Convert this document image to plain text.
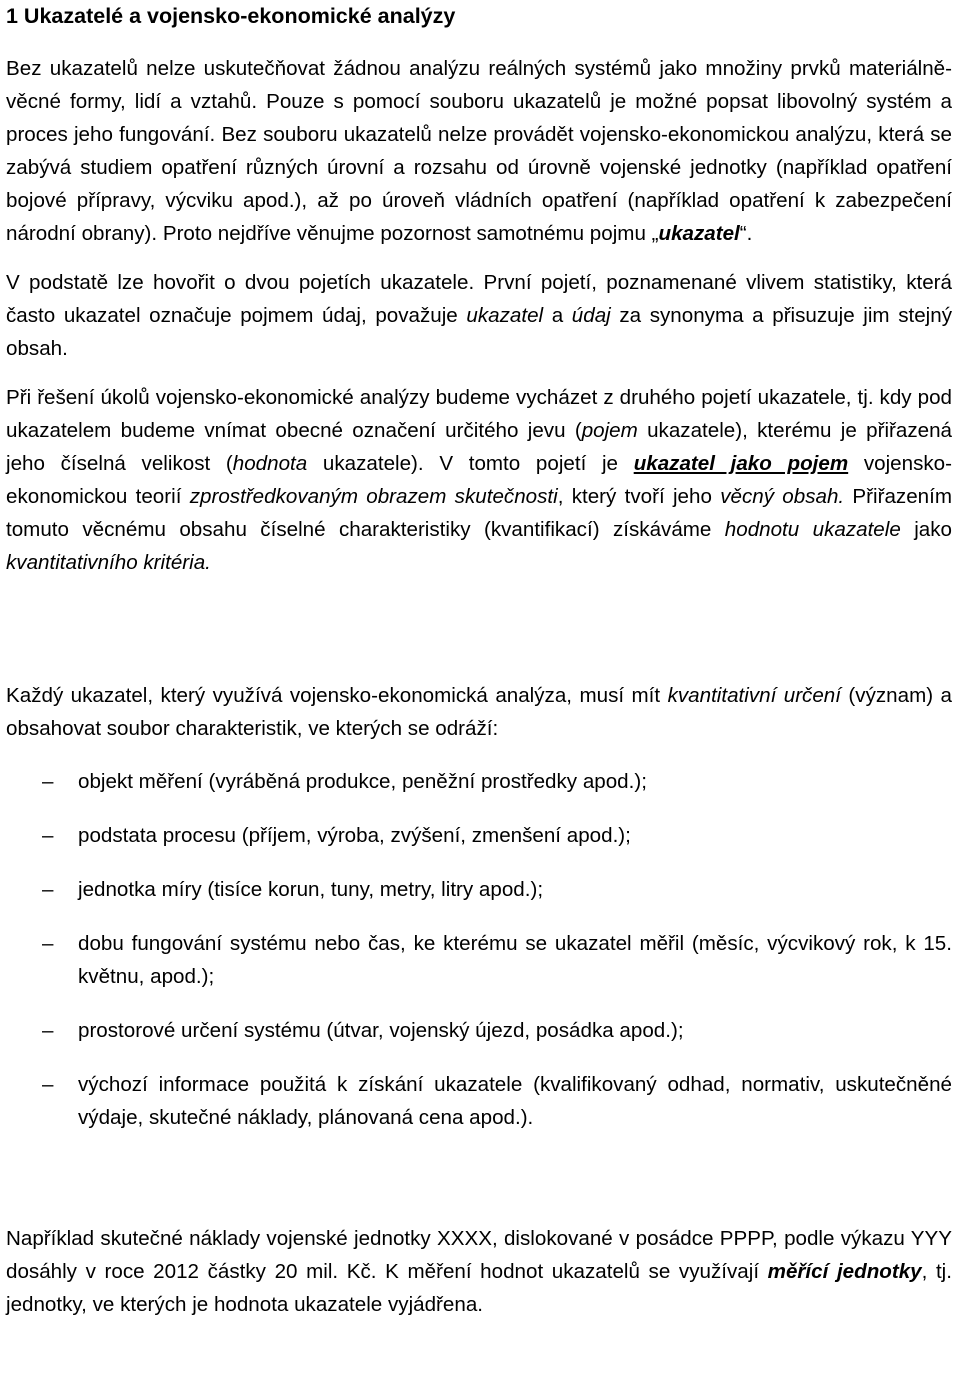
1 Ukazatelé a vojensko-ekonomické analýzy

Bez ukazatelů nelze uskutečňovat žádnou analýzu reálných systémů jako množiny prvků materiálně-věcné formy, lidí a vztahů. Pouze s pomocí souboru ukazatelů je možné popsat libovolný systém a proces jeho fungování. Bez souboru ukazatelů nelze provádět vojensko-ekonomickou analýzu, která se zabývá studiem opatření různých úrovní a rozsahu od úrovně vojenské jednotky (například opatření bojové přípravy, výcviku apod.), až po úroveň vládních opatření (například opatření k zabezpečení národní obrany). Proto nejdříve věnujme pozornost samotnému pojmu „ukazatel“.

V podstatě lze hovořit o dvou pojetích ukazatele. První pojetí, poznamenané vlivem statistiky, která často ukazatel označuje pojmem údaj, považuje ukazatel a údaj za synonyma a přisuzuje jim stejný obsah.

Při řešení úkolů vojensko-ekonomické analýzy budeme vycházet z druhého pojetí ukazatele, tj. kdy pod ukazatelem budeme vnímat obecné označení určitého jevu (pojem ukazatele), kterému je přiřazená jeho číselná velikost (hodnota ukazatele). V tomto pojetí je ukazatel jako pojem vojensko-ekonomickou teorií zprostředkovaným obrazem skutečnosti, který tvoří jeho věcný obsah. Přiřazením tomuto věcnému obsahu číselné charakteristiky (kvantifikací) získáváme hodnotu ukazatele jako kvantitativního kritéria.

Každý ukazatel, který využívá vojensko-ekonomická analýza, musí mít kvantitativní určení (význam) a obsahovat soubor charakteristik, ve kterých se odráží:

– objekt měření (vyráběná produkce, peněžní prostředky apod.);
– podstata procesu (příjem, výroba, zvýšení, zmenšení apod.);
– jednotka míry (tisíce korun, tuny, metry, litry apod.);
– dobu fungování systému nebo čas, ke kterému se ukazatel měřil (měsíc, výcvikový rok, k 15. květnu, apod.);
– prostorové určení systému (útvar, vojenský újezd, posádka apod.);
– výchozí informace použitá k získání ukazatele (kvalifikovaný odhad, normativ, uskutečněné výdaje, skutečné náklady, plánovaná cena apod.).

Například skutečné náklady vojenské jednotky XXXX, dislokované v posádce PPPP, podle výkazu YYY dosáhly v roce 2012 částky 20 mil. Kč. K měření hodnot ukazatelů se využívají měřící jednotky, tj. jednotky, ve kterých je hodnota ukazatele vyjádřena.
